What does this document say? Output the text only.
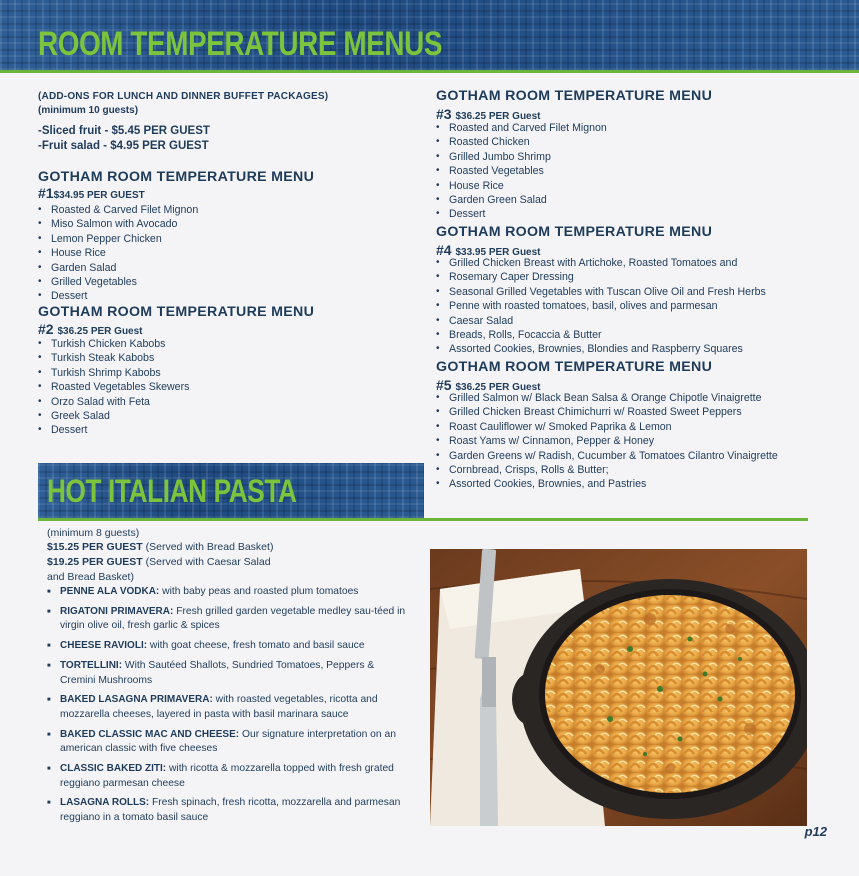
ROOM TEMPERATURE MENUS
(ADD-ONS FOR LUNCH AND DINNER BUFFET PACKAGES)
(minimum 10 guests)
-Sliced fruit - $5.45 PER GUEST
-Fruit salad - $4.95 PER GUEST
GOTHAM ROOM TEMPERATURE MENU
#1$34.95 PER GUEST
• Roasted & Carved Filet Mignon
• Miso Salmon with Avocado
• Lemon Pepper Chicken
• House Rice
• Garden Salad
• Grilled Vegetables
• Dessert
GOTHAM ROOM TEMPERATURE MENU
#2 $36.25 PER Guest
• Turkish Chicken Kabobs
• Turkish Steak Kabobs
• Turkish Shrimp Kabobs
• Roasted Vegetables Skewers
• Orzo Salad with Feta
• Greek Salad
• Dessert
GOTHAM ROOM TEMPERATURE MENU
#3 $36.25 PER Guest
• Roasted and Carved Filet Mignon
• Roasted Chicken
• Grilled Jumbo Shrimp
• Roasted Vegetables
• House Rice
• Garden Green Salad
• Dessert
GOTHAM ROOM TEMPERATURE MENU
#4 $33.95 PER Guest
• Grilled Chicken Breast with Artichoke, Roasted Tomatoes and
• Rosemary Caper Dressing
• Seasonal Grilled Vegetables with Tuscan Olive Oil and Fresh Herbs
• Penne with roasted tomatoes, basil, olives and parmesan
• Caesar Salad
• Breads, Rolls, Focaccia & Butter
• Assorted Cookies, Brownies, Blondies and Raspberry Squares
GOTHAM ROOM TEMPERATURE MENU
#5 $36.25 PER Guest
• Grilled Salmon w/ Black Bean Salsa & Orange Chipotle Vinaigrette
• Grilled Chicken Breast Chimichurri w/ Roasted Sweet Peppers
• Roast Cauliflower w/ Smoked Paprika & Lemon
• Roast Yams w/ Cinnamon, Pepper & Honey
• Garden Greens w/ Radish, Cucumber & Tomatoes Cilantro Vinaigrette
• Cornbread, Crisps, Rolls & Butter;
• Assorted Cookies, Brownies, and Pastries
HOT ITALIAN PASTA
(minimum 8 guests)
$15.25 PER GUEST (Served with Bread Basket)
$19.25 PER GUEST (Served with Caesar Salad
and Bread Basket)
■ PENNE ALA VODKA: with baby peas and roasted plum tomatoes
■ RIGATONI PRIMAVERA: Fresh grilled garden vegetable medley sau-téed in virgin olive oil, fresh garlic & spices
■ CHEESE RAVIOLI: with goat cheese, fresh tomato and basil sauce
■ TORTELLINI: With Sautéed Shallots, Sundried Tomatoes, Peppers & Cremini Mushrooms
■ BAKED LASAGNA PRIMAVERA: with roasted vegetables, ricotta and mozzarella cheeses, layered in pasta with basil marinara sauce
■ BAKED CLASSIC MAC AND CHEESE: Our signature interpretation on an american classic with five cheeses
■ CLASSIC BAKED ZITI: with ricotta & mozzarella topped with fresh grated reggiano parmesan cheese
■ LASAGNA ROLLS: Fresh spinach, fresh ricotta, mozzarella and parmesan reggiano in a tomato basil sauce
p12
